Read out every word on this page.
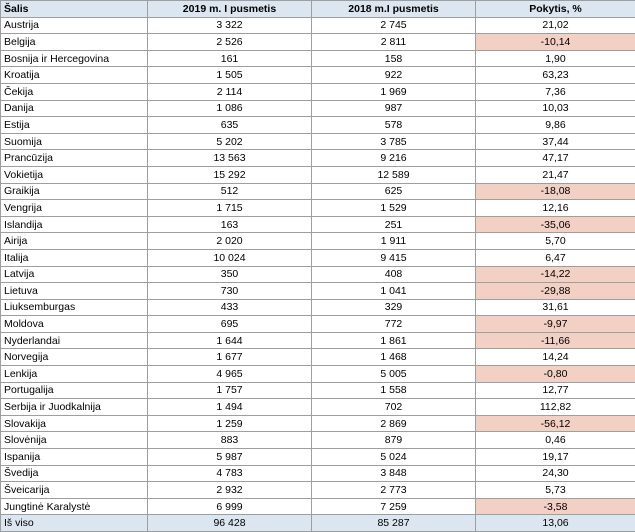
Šalis	2019 m. I pusmetis	2018 m.I pusmetis	Pokytis, %
Austrija	3 322	2 745	21,02
Belgija	2 526	2 811	-10,14
Bosnija ir Hercegovina	161	158	1,90
Kroatija	1 505	922	63,23
Čekija	2 114	1 969	7,36
Danija	1 086	987	10,03
Estija	635	578	9,86
Suomija	5 202	3 785	37,44
Prancūzija	13 563	9 216	47,17
Vokietija	15 292	12 589	21,47
Graikija	512	625	-18,08
Vengrija	1 715	1 529	12,16
Islandija	163	251	-35,06
Airija	2 020	1 911	5,70
Italija	10 024	9 415	6,47
Latvija	350	408	-14,22
Lietuva	730	1 041	-29,88
Liuksemburgas	433	329	31,61
Moldova	695	772	-9,97
Nyderlandai	1 644	1 861	-11,66
Norvegija	1 677	1 468	14,24
Lenkija	4 965	5 005	-0,80
Portugalija	1 757	1 558	12,77
Serbija ir Juodkalnija	1 494	702	112,82
Slovakija	1 259	2 869	-56,12
Slovėnija	883	879	0,46
Ispanija	5 987	5 024	19,17
Švedija	4 783	3 848	24,30
Šveicarija	2 932	2 773	5,73
Jungtinė Karalystė	6 999	7 259	-3,58
Iš viso	96 428	85 287	13,06
